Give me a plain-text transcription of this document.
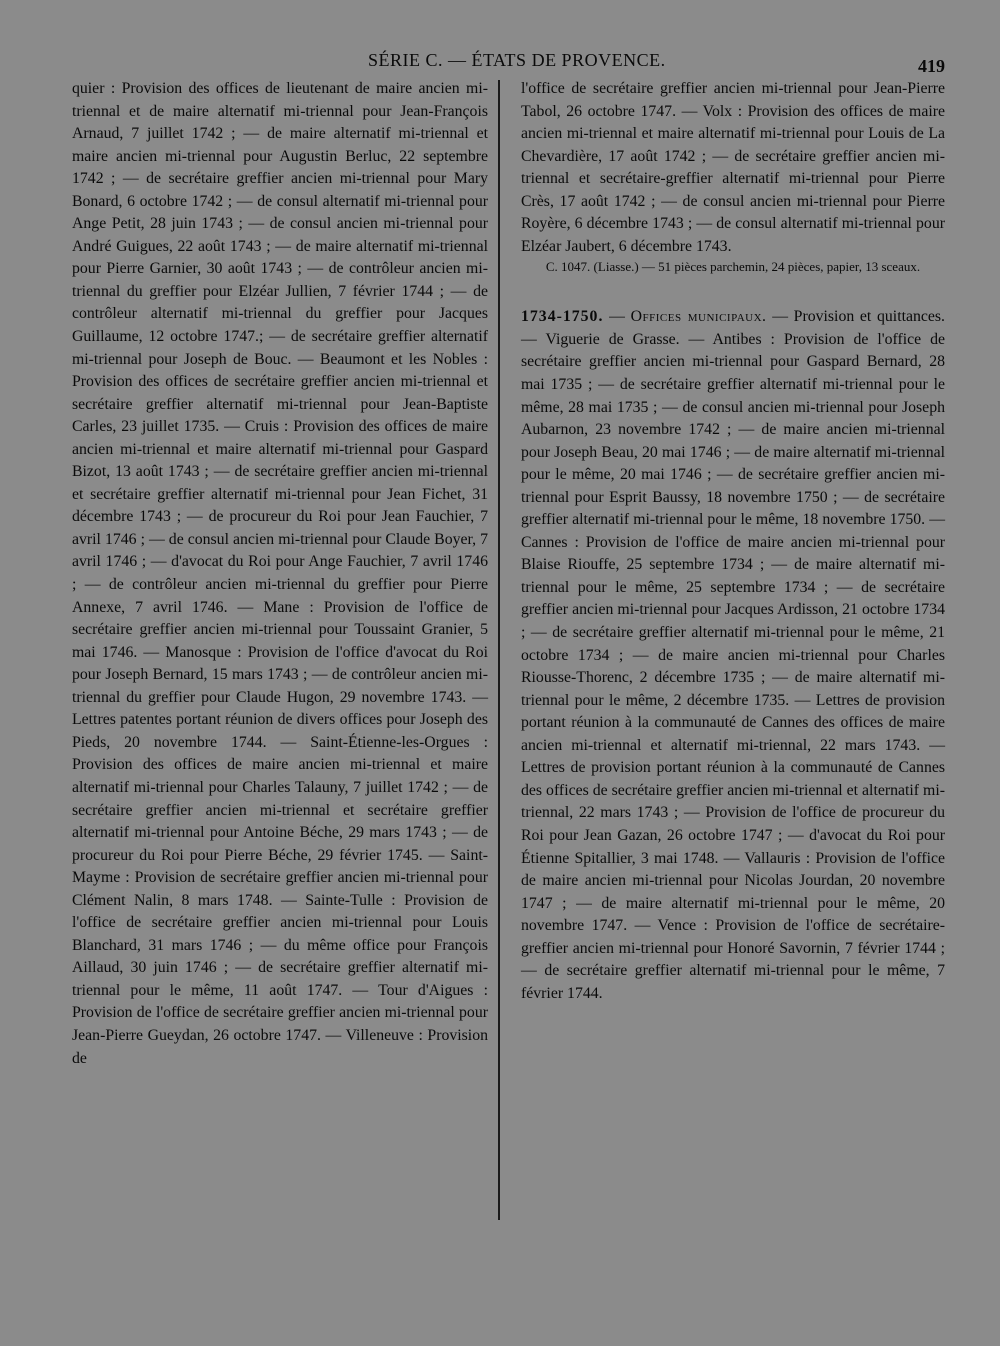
SÉRIE C. — ÉTATS DE PROVENCE.	419

quier : Provision des offices de lieutenant de maire ancien mi-triennal et de maire alternatif mi-triennal pour Jean-François Arnaud, 7 juillet 1742 ; — de maire alternatif mi-triennal et maire ancien mi-triennal pour Augustin Berluc, 22 septembre 1742 ; — de secrétaire greffier ancien mi-triennal pour Mary Bonard, 6 octobre 1742 ; — de consul alternatif mi-triennal pour Ange Petit, 28 juin 1743 ; — de consul ancien mi-triennal pour André Guigues, 22 août 1743 ; — de maire alternatif mi-triennal pour Pierre Garnier, 30 août 1743 ; — de contrôleur ancien mi-triennal du greffier pour Elzéar Jullien, 7 février 1744 ; — de contrôleur alternatif mi-triennal du greffier pour Jacques Guillaume, 12 octobre 1747.; — de secrétaire greffier alternatif mi-triennal pour Joseph de Bouc. — Beaumont et les Nobles : Provision des offices de secrétaire greffier ancien mi-triennal et secrétaire greffier alternatif mi-triennal pour Jean-Baptiste Carles, 23 juillet 1735. — Cruis : Provision des offices de maire ancien mi-triennal et maire alternatif mi-triennal pour Gaspard Bizot, 13 août 1743 ; — de secrétaire greffier ancien mi-triennal et secrétaire greffier alternatif mi-triennal pour Jean Fichet, 31 décembre 1743 ; — de procureur du Roi pour Jean Fauchier, 7 avril 1746 ; — de consul ancien mi-triennal pour Claude Boyer, 7 avril 1746 ; — d'avocat du Roi pour Ange Fauchier, 7 avril 1746 ; — de contrôleur ancien mi-triennal du greffier pour Pierre Annexe, 7 avril 1746. — Mane : Provision de l'office de secrétaire greffier ancien mi-triennal pour Toussaint Granier, 5 mai 1746. — Manosque : Provision de l'office d'avocat du Roi pour Joseph Bernard, 15 mars 1743 ; — de contrôleur ancien mi-triennal du greffier pour Claude Hugon, 29 novembre 1743. — Lettres patentes portant réunion de divers offices pour Joseph des Pieds, 20 novembre 1744. — Saint-Étienne-les-Orgues : Provision des offices de maire ancien mi-triennal et maire alternatif mi-triennal pour Charles Talauny, 7 juillet 1742 ; — de secrétaire greffier ancien mi-triennal et secrétaire greffier alternatif mi-triennal pour Antoine Béche, 29 mars 1743 ; — de procureur du Roi pour Pierre Béche, 29 février 1745. — Saint-Mayme : Provision de secrétaire greffier ancien mi-triennal pour Clément Nalin, 8 mars 1748. — Sainte-Tulle : Provision de l'office de secrétaire greffier ancien mi-triennal pour Louis Blanchard, 31 mars 1746 ; — du même office pour François Aillaud, 30 juin 1746 ; — de secrétaire greffier alternatif mi-triennal pour le même, 11 août 1747. — Tour d'Aigues : Provision de l'office de secrétaire greffier ancien mi-triennal pour Jean-Pierre Gueydan, 26 octobre 1747. — Villeneuve : Provision de

l'office de secrétaire greffier ancien mi-triennal pour Jean-Pierre Tabol, 26 octobre 1747. — Volx : Provision des offices de maire ancien mi-triennal et maire alternatif mi-triennal pour Louis de La Chevardière, 17 août 1742 ; — de secrétaire greffier ancien mi-triennal et secrétaire-greffier alternatif mi-triennal pour Pierre Crès, 17 août 1742 ; — de consul ancien mi-triennal pour Pierre Royère, 6 décembre 1743 ; — de consul alternatif mi-triennal pour Elzéar Jaubert, 6 décembre 1743.

C. 1047. (Liasse.) — 51 pièces parchemin, 24 pièces, papier, 13 sceaux.

1734-1750. — Offices municipaux. — Provision et quittances. — Viguerie de Grasse. — Antibes : Provision de l'office de secrétaire greffier ancien mi-triennal pour Gaspard Bernard, 28 mai 1735 ; — de secrétaire greffier alternatif mi-triennal pour le même, 28 mai 1735 ; — de consul ancien mi-triennal pour Joseph Aubarnon, 23 novembre 1742 ; — de maire ancien mi-triennal pour Joseph Beau, 20 mai 1746 ; — de maire alternatif mi-triennal pour le même, 20 mai 1746 ; — de secrétaire greffier ancien mi-triennal pour Esprit Baussy, 18 novembre 1750 ; — de secrétaire greffier alternatif mi-triennal pour le même, 18 novembre 1750. — Cannes : Provision de l'office de maire ancien mi-triennal pour Blaise Riouffe, 25 septembre 1734 ; — de maire alternatif mi-triennal pour le même, 25 septembre 1734 ; — de secrétaire greffier ancien mi-triennal pour Jacques Ardisson, 21 octobre 1734 ; — de secrétaire greffier alternatif mi-triennal pour le même, 21 octobre 1734 ; — de maire ancien mi-triennal pour Charles Riousse-Thorenc, 2 décembre 1735 ; — de maire alternatif mi-triennal pour le même, 2 décembre 1735. — Lettres de provision portant réunion à la communauté de Cannes des offices de maire ancien mi-triennal et alternatif mi-triennal, 22 mars 1743. — Lettres de provision portant réunion à la communauté de Cannes des offices de secrétaire greffier ancien mi-triennal et alternatif mi-triennal, 22 mars 1743 ; — Provision de l'office de procureur du Roi pour Jean Gazan, 26 octobre 1747 ; — d'avocat du Roi pour Étienne Spitallier, 3 mai 1748. — Vallauris : Provision de l'office de maire ancien mi-triennal pour Nicolas Jourdan, 20 novembre 1747 ; — de maire alternatif mi-triennal pour le même, 20 novembre 1747. — Vence : Provision de l'office de secrétaire-greffier ancien mi-triennal pour Honoré Savornin, 7 février 1744 ; — de secrétaire greffier alternatif mi-triennal pour le même, 7 février 1744.
